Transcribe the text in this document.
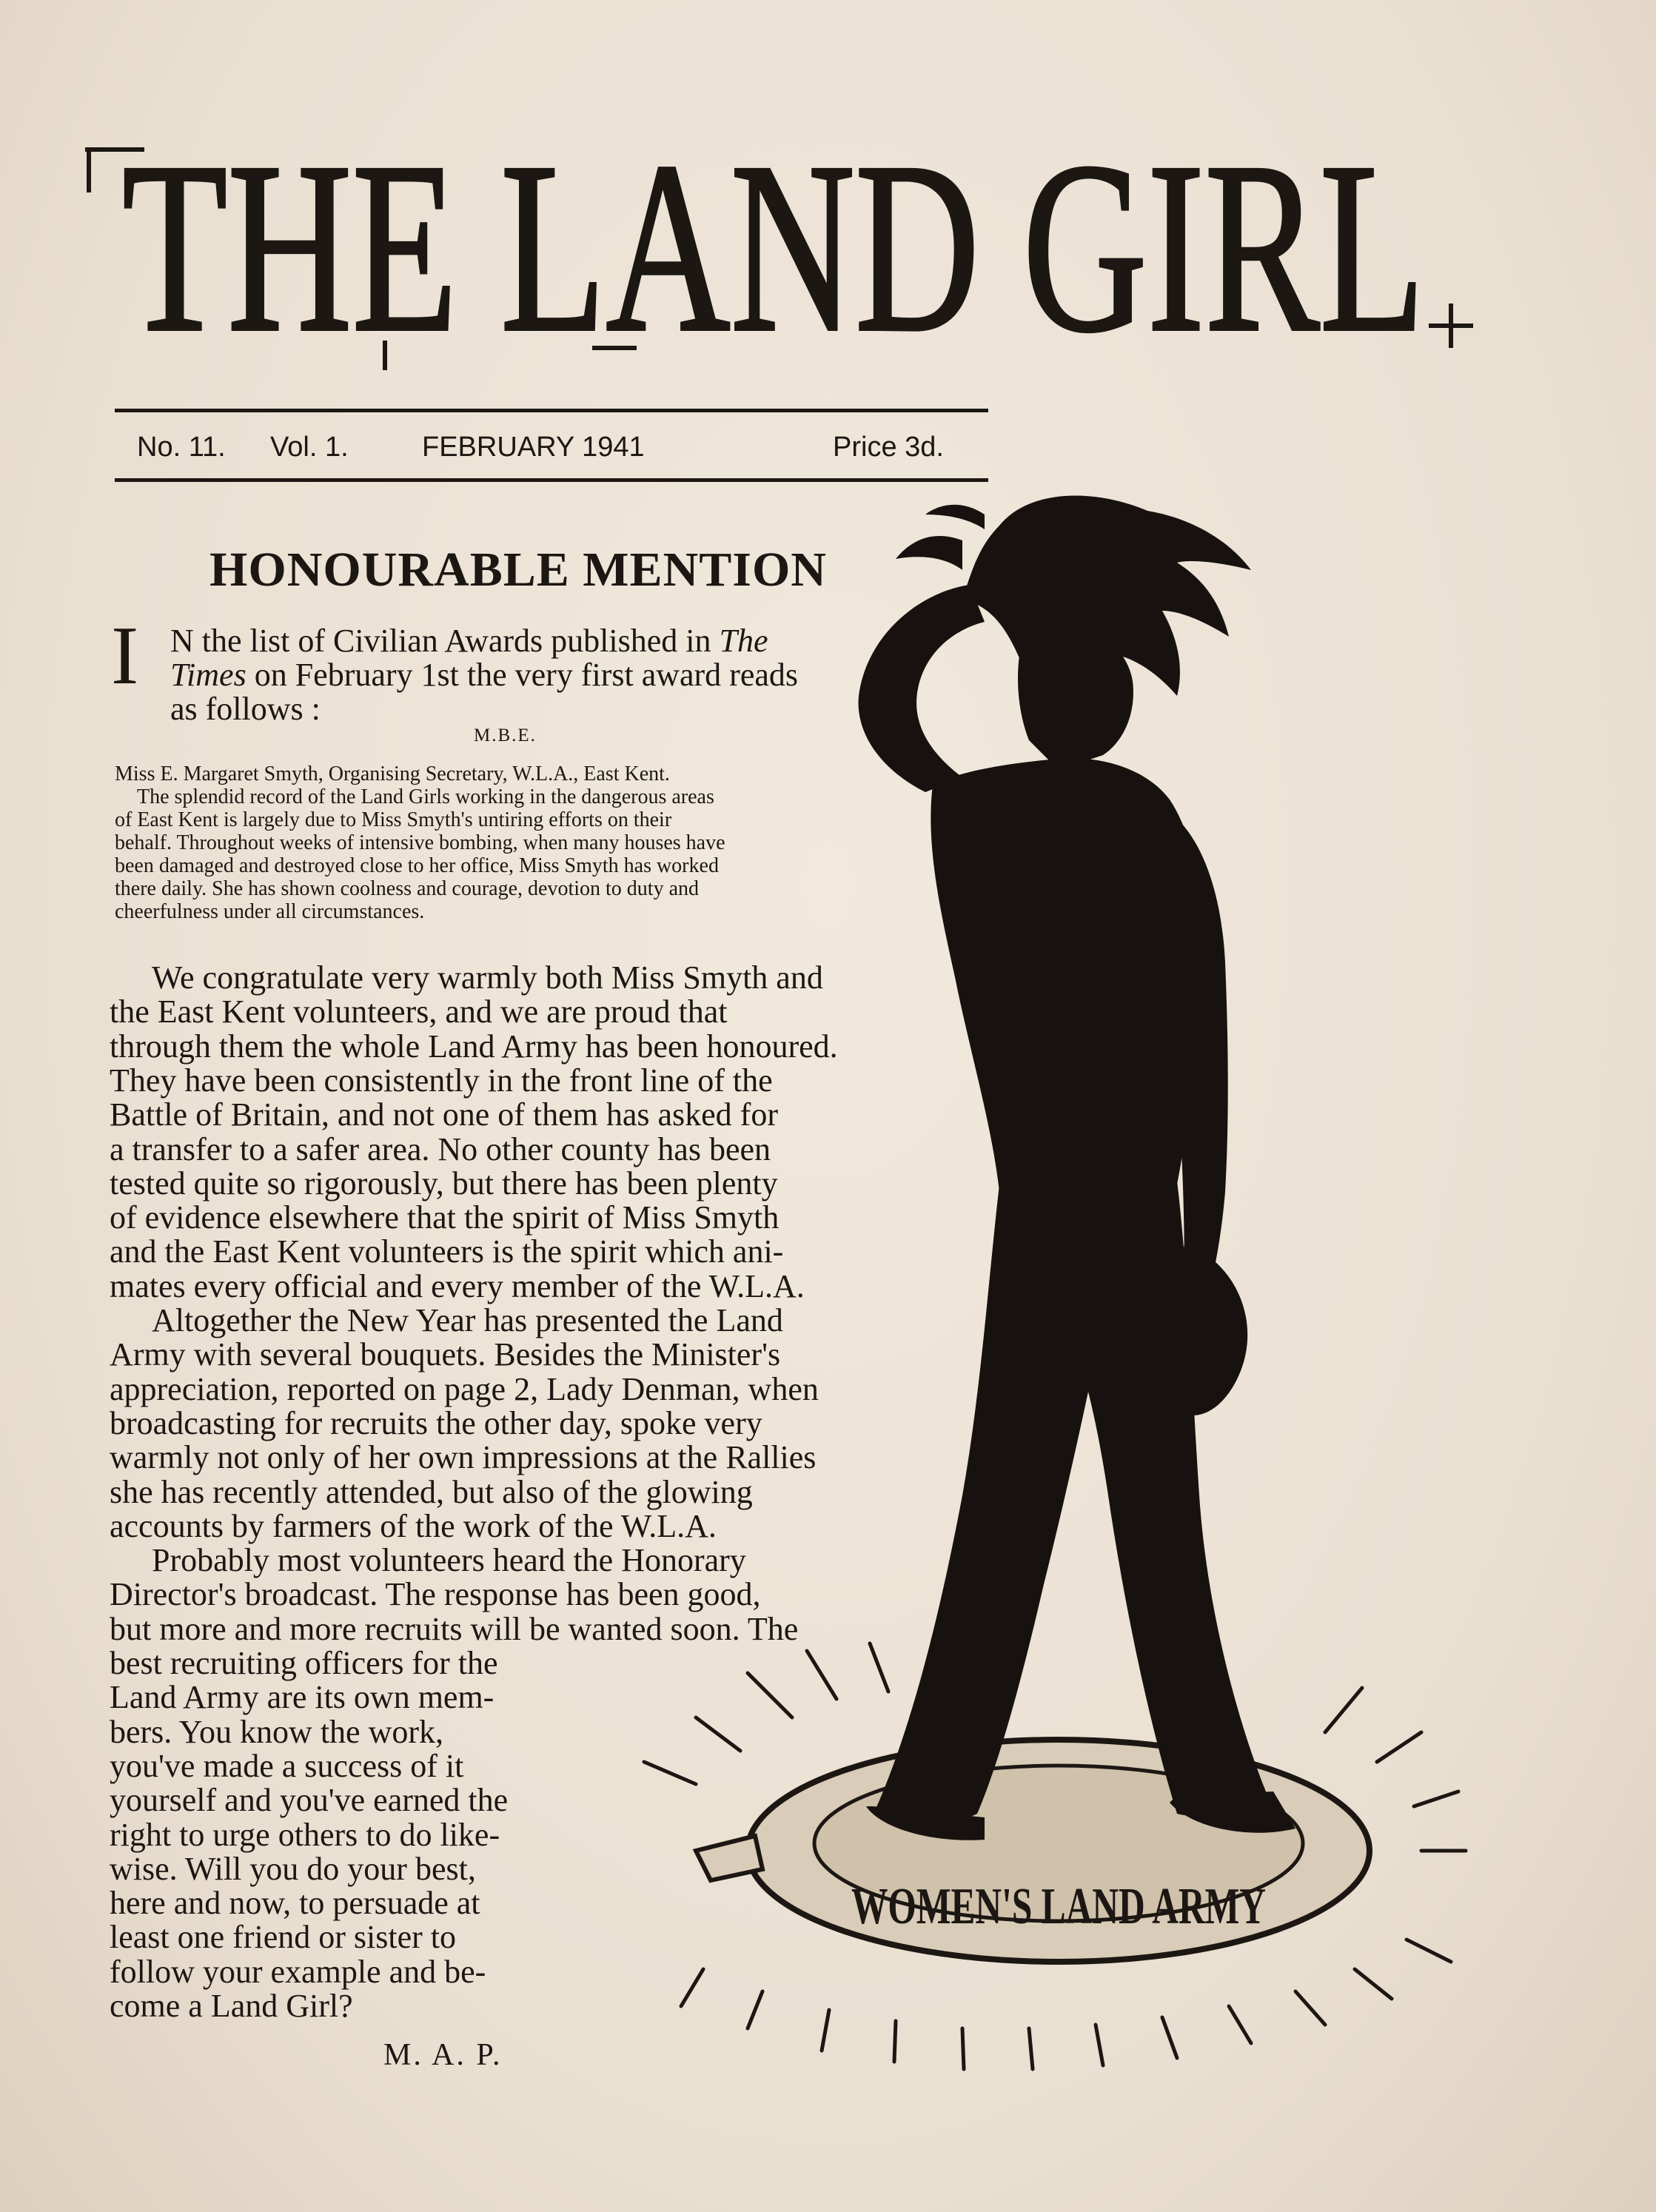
THE LAND GIRL
No. 11. Vol. 1.	FEBRUARY 1941	Price 3d.
HONOURABLE MENTION
I N the list of Civilian Awards published in The
Times on February 1st the very first award reads
as follows :
M.B.E.
Miss E. Margaret Smyth, Organising Secretary, W.L.A., East Kent.
The splendid record of the Land Girls working in the dangerous areas
of East Kent is largely due to Miss Smyth's untiring efforts on their
behalf. Throughout weeks of intensive bombing, when many houses have
been damaged and destroyed close to her office, Miss Smyth has worked
there daily. She has shown coolness and courage, devotion to duty and
cheerfulness under all circumstances.
We congratulate very warmly both Miss Smyth and
the East Kent volunteers, and we are proud that
through them the whole Land Army has been honoured.
They have been consistently in the front line of the
Battle of Britain, and not one of them has asked for
a transfer to a safer area. No other county has been
tested quite so rigorously, but there has been plenty
of evidence elsewhere that the spirit of Miss Smyth
and the East Kent volunteers is the spirit which ani-
mates every official and every member of the W.L.A.
Altogether the New Year has presented the Land
Army with several bouquets. Besides the Minister's
appreciation, reported on page 2, Lady Denman, when
broadcasting for recruits the other day, spoke very
warmly not only of her own impressions at the Rallies
she has recently attended, but also of the glowing
accounts by farmers of the work of the W.L.A.
Probably most volunteers heard the Honorary
Director's broadcast. The response has been good,
but more and more recruits will be wanted soon. The
best recruiting officers for the
Land Army are its own mem-
bers. You know the work,
you've made a success of it
yourself and you've earned the
right to urge others to do like-
wise. Will you do your best,
here and now, to persuade at
least one friend or sister to
follow your example and be-
come a Land Girl?
M. A. P.
WOMEN'S LAND ARMY
